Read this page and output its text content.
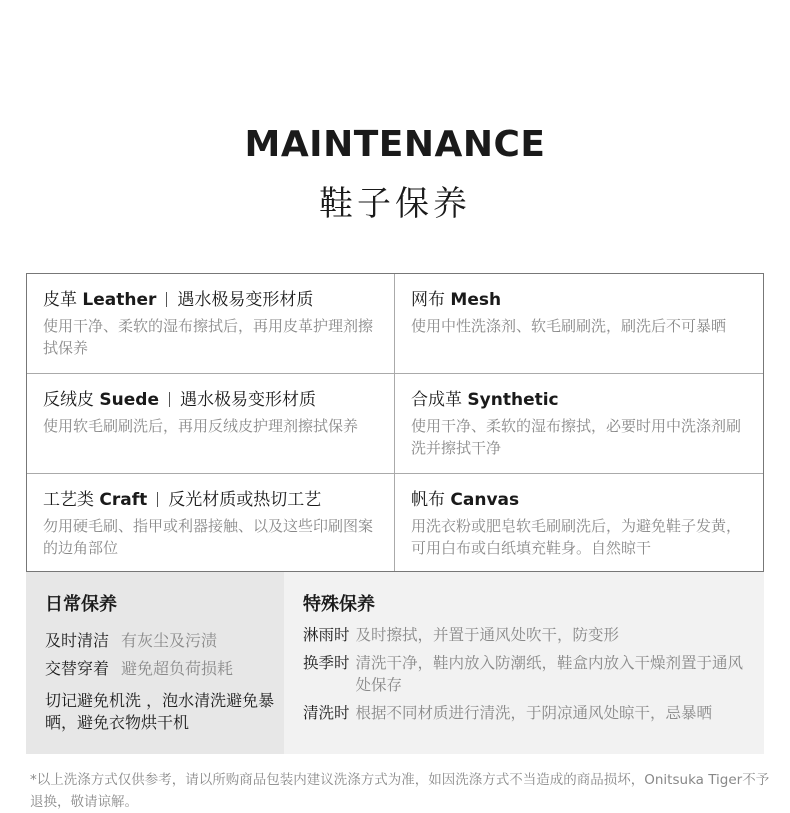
MAINTENANCE
鞋子保养
皮革 Leather 遇水极易变形材质
使用干净、柔软的湿布擦拭后，再用皮革护理剂擦拭保养
网布 Mesh
使用中性洗涤剂、软毛刷刷洗，刷洗后不可暴晒
反绒皮 Suede 遇水极易变形材质
使用软毛刷刷洗后，再用反绒皮护理剂擦拭保养
合成革 Synthetic
使用干净、柔软的湿布擦拭，必要时用中洗涤剂刷洗并擦拭干净
工艺类 Craft 反光材质或热切工艺
勿用硬毛刷、指甲或利器接触、以及这些印刷图案的边角部位
帆布 Canvas
用洗衣粉或肥皂软毛刷刷洗后，为避免鞋子发黄，可用白布或白纸填充鞋身。自然晾干
日常保养
及时清洁 有灰尘及污渍
交替穿着 避免超负荷损耗
切记避免机洗 ，泡水清洗避免暴晒，避免衣物烘干机
特殊保养
淋雨时 及时擦拭，并置于通风处吹干，防变形
换季时 清洗干净，鞋内放入防潮纸，鞋盒内放入干燥剂置于通风处保存
清洗时 根据不同材质进行清洗，于阴凉通风处晾干，忌暴晒
*以上洗涤方式仅供参考，请以所购商品包装内建议洗涤方式为准，如因洗涤方式不当造成的商品损坏，Onitsuka Tiger不予退换，敬请谅解。
